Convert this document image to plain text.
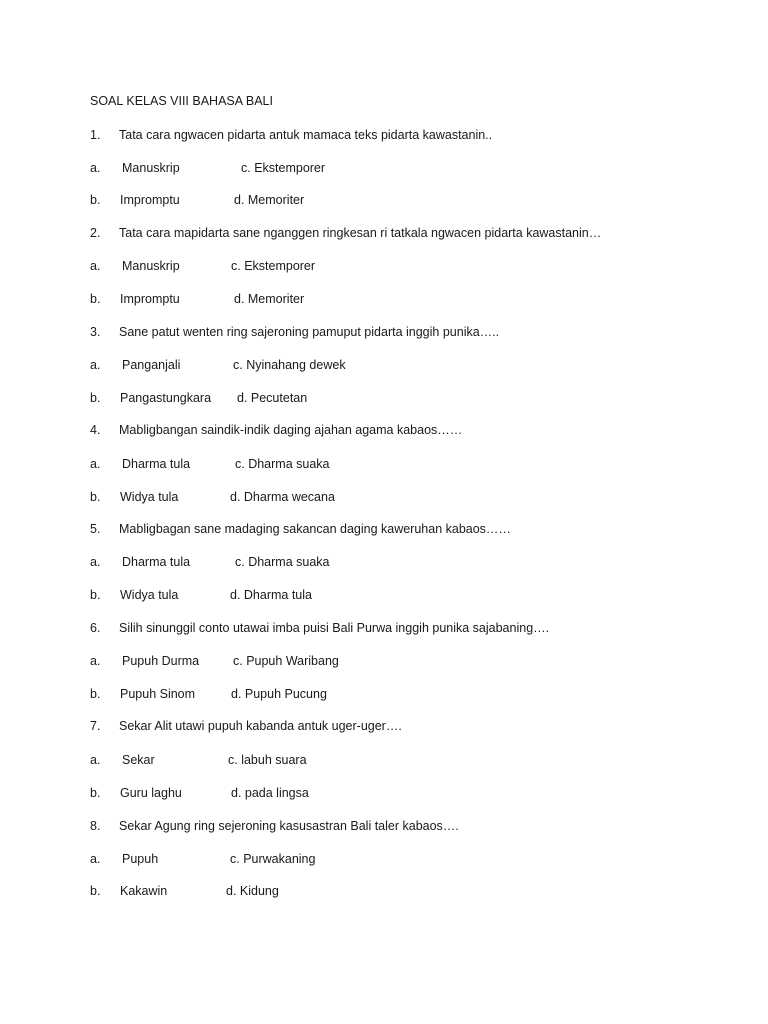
SOAL KELAS VIII BAHASA BALI
1. Tata cara ngwacen pidarta antuk mamaca teks pidarta kawastanin..
a. Manuskrip	c. Ekstemporer
b. Impromptu	d. Memoriter
2. Tata cara mapidarta sane nganggen ringkesan ri tatkala ngwacen pidarta kawastanin…
a. Manuskrip	c. Ekstemporer
b. Impromptu	d. Memoriter
3. Sane patut wenten ring sajeroning pamuput pidarta inggih punika…..
a. Panganjali	c. Nyinahang dewek
b. Pangastungkara d. Pecutetan
4. Mabligbangan saindik-indik daging ajahan agama kabaos……
a. Dharma tula	c. Dharma suaka
b. Widya tula	d. Dharma wecana
5. Mabligbagan sane madaging sakancan daging kaweruhan kabaos……
a. Dharma tula	c. Dharma suaka
b. Widya tula	d. Dharma tula
6. Silih sinunggil conto utawai imba puisi Bali Purwa inggih punika sajabaning….
a. Pupuh Durma	c. Pupuh Waribang
b. Pupuh Sinom	d. Pupuh Pucung
7. Sekar Alit utawi pupuh kabanda antuk uger-uger….
a. Sekar	c. labuh suara
b. Guru laghu	d. pada lingsa
8. Sekar Agung ring sejeroning kasusastran Bali taler kabaos….
a. Pupuh	c. Purwakaning
b. Kakawin	d. Kidung
